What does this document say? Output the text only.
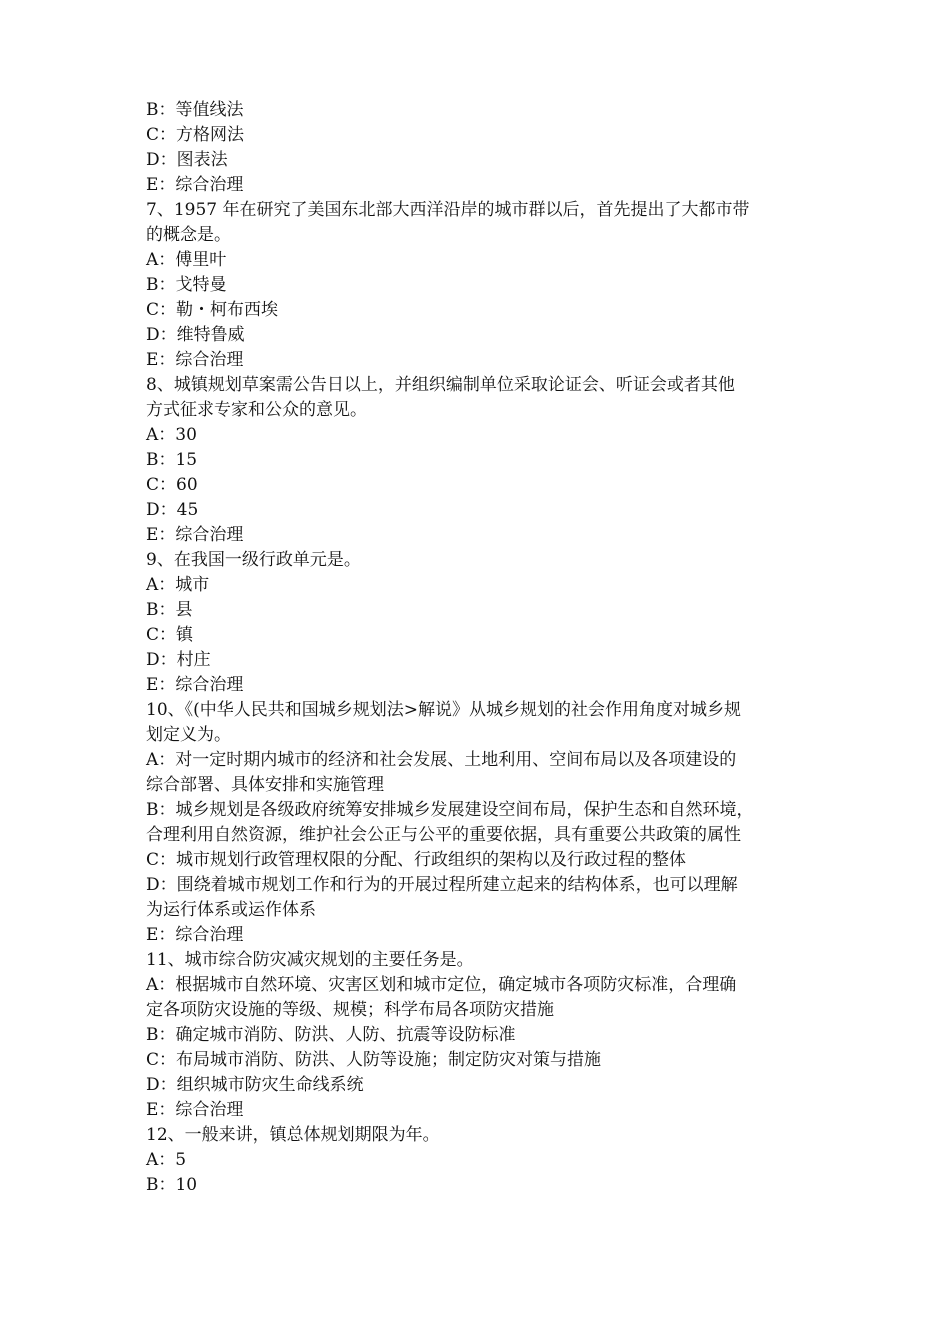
B：等值线法
C：方格网法
D：图表法
E：综合治理
7、1957 年在研究了美国东北部大西洋沿岸的城市群以后，首先提出了大都市带
的概念是。
A：傅里叶
B：戈特曼
C：勒・柯布西埃
D：维特鲁威
E：综合治理
8、城镇规划草案需公告日以上，并组织编制单位采取论证会、听证会或者其他
方式征求专家和公众的意见。
A：30
B：15
C：60
D：45
E：综合治理
9、在我国一级行政单元是。
A：城市
B：县
C：镇
D：村庄
E：综合治理
10、《(中华人民共和国城乡规划法>解说》从城乡规划的社会作用角度对城乡规
划定义为。
A：对一定时期内城市的经济和社会发展、土地利用、空间布局以及各项建设的
综合部署、具体安排和实施管理
B：城乡规划是各级政府统筹安排城乡发展建设空间布局，保护生态和自然环境，
合理利用自然资源，维护社会公正与公平的重要依据，具有重要公共政策的属性
C：城市规划行政管理权限的分配、行政组织的架构以及行政过程的整体
D：围绕着城市规划工作和行为的开展过程所建立起来的结构体系，也可以理解
为运行体系或运作体系
E：综合治理
11、城市综合防灾减灾规划的主要任务是。
A：根据城市自然环境、灾害区划和城市定位，确定城市各项防灾标准，合理确
定各项防灾设施的等级、规模；科学布局各项防灾措施
B：确定城市消防、防洪、人防、抗震等设防标准
C：布局城市消防、防洪、人防等设施；制定防灾对策与措施
D：组织城市防灾生命线系统
E：综合治理
12、一般来讲，镇总体规划期限为年。
A：5
B：10
